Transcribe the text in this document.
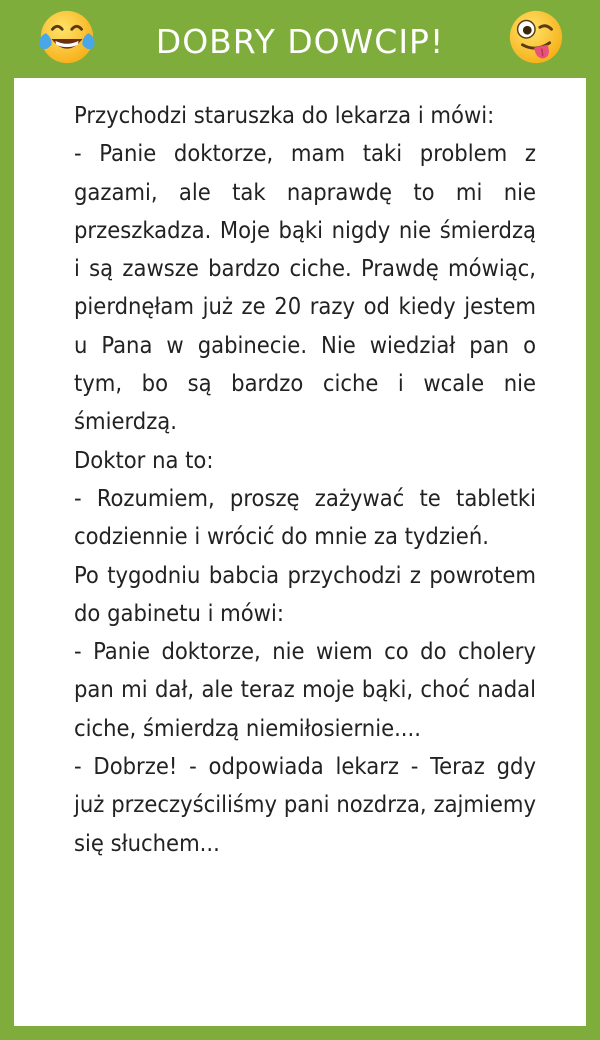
DOBRY DOWCIP!
Przychodzi staruszka do lekarza i mówi:
- Panie doktorze, mam taki problem z gazami, ale tak naprawdę to mi nie przeszkadza. Moje bąki nigdy nie śmierdzą i są zawsze bardzo ciche. Prawdę mówiąc, pierdnęłam już ze 20 razy od kiedy jestem u Pana w gabinecie. Nie wiedział pan o tym, bo są bardzo ciche i wcale nie śmierdzą.
Doktor na to:
- Rozumiem, proszę zażywać te tabletki codziennie i wrócić do mnie za tydzień.
Po tygodniu babcia przychodzi z powrotem do gabinetu i mówi:
- Panie doktorze, nie wiem co do cholery pan mi dał, ale teraz moje bąki, choć nadal ciche, śmierdzą niemiłosiernie....
- Dobrze! - odpowiada lekarz - Teraz gdy już przeczyściliśmy pani nozdrza, zajmiemy się słuchem...
